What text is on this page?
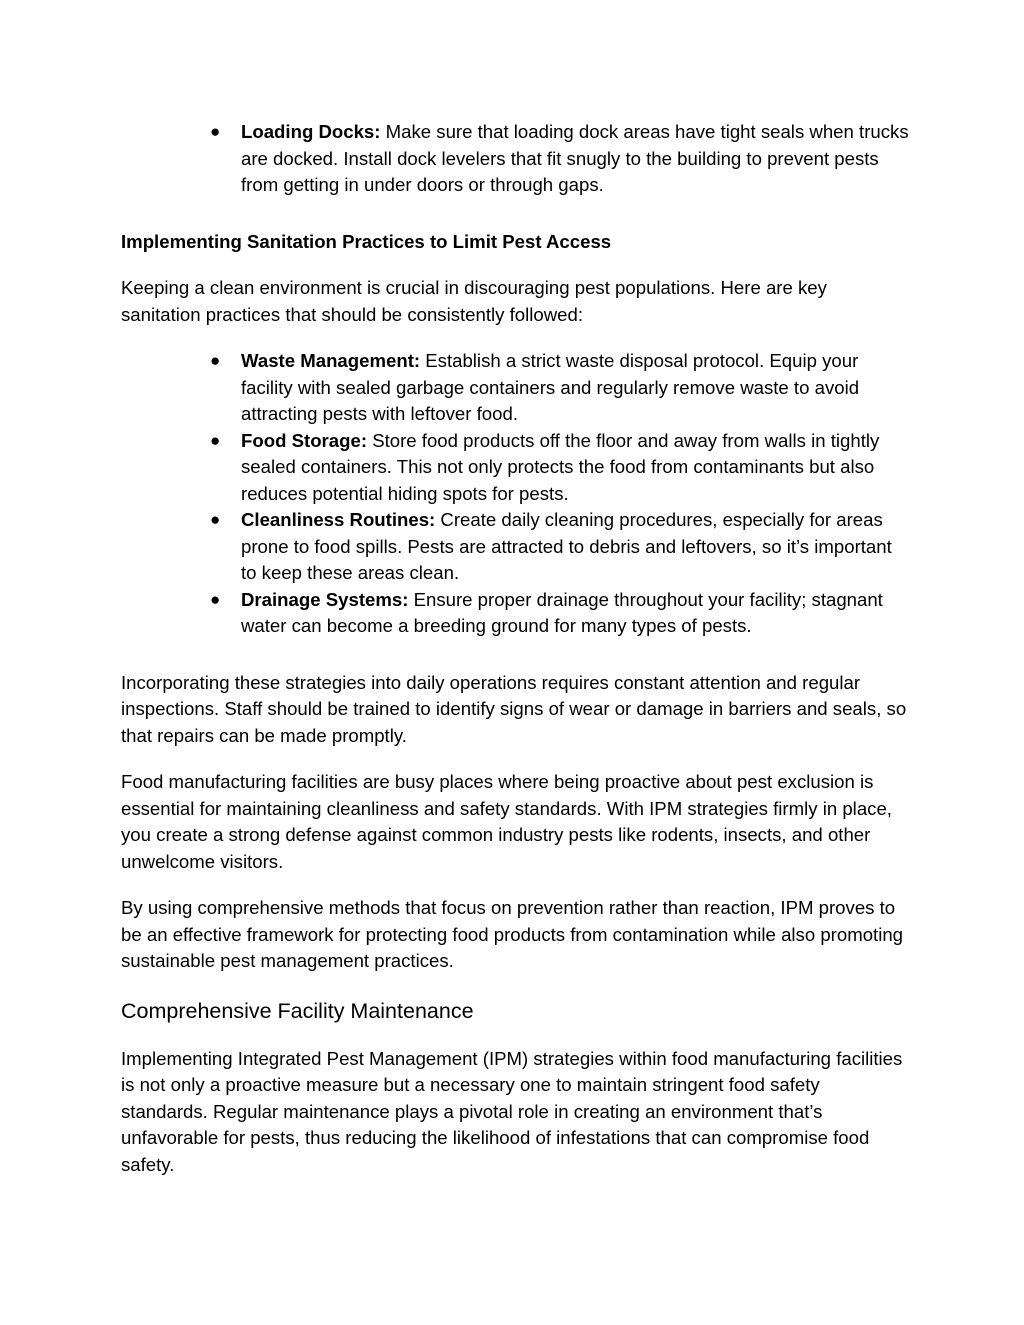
● Loading Docks: Make sure that loading dock areas have tight seals when trucks are docked. Install dock levelers that fit snugly to the building to prevent pests from getting in under doors or through gaps.
Implementing Sanitation Practices to Limit Pest Access

Keeping a clean environment is crucial in discouraging pest populations. Here are key sanitation practices that should be consistently followed:

● Waste Management: Establish a strict waste disposal protocol. Equip your facility with sealed garbage containers and regularly remove waste to avoid attracting pests with leftover food.
● Food Storage: Store food products off the floor and away from walls in tightly sealed containers. This not only protects the food from contaminants but also reduces potential hiding spots for pests.
● Cleanliness Routines: Create daily cleaning procedures, especially for areas prone to food spills. Pests are attracted to debris and leftovers, so it’s important to keep these areas clean.
● Drainage Systems: Ensure proper drainage throughout your facility; stagnant water can become a breeding ground for many types of pests.

Incorporating these strategies into daily operations requires constant attention and regular inspections. Staff should be trained to identify signs of wear or damage in barriers and seals, so that repairs can be made promptly.

Food manufacturing facilities are busy places where being proactive about pest exclusion is essential for maintaining cleanliness and safety standards. With IPM strategies firmly in place, you create a strong defense against common industry pests like rodents, insects, and other unwelcome visitors.

By using comprehensive methods that focus on prevention rather than reaction, IPM proves to be an effective framework for protecting food products from contamination while also promoting sustainable pest management practices.

Comprehensive Facility Maintenance

Implementing Integrated Pest Management (IPM) strategies within food manufacturing facilities is not only a proactive measure but a necessary one to maintain stringent food safety standards. Regular maintenance plays a pivotal role in creating an environment that’s unfavorable for pests, thus reducing the likelihood of infestations that can compromise food safety.
